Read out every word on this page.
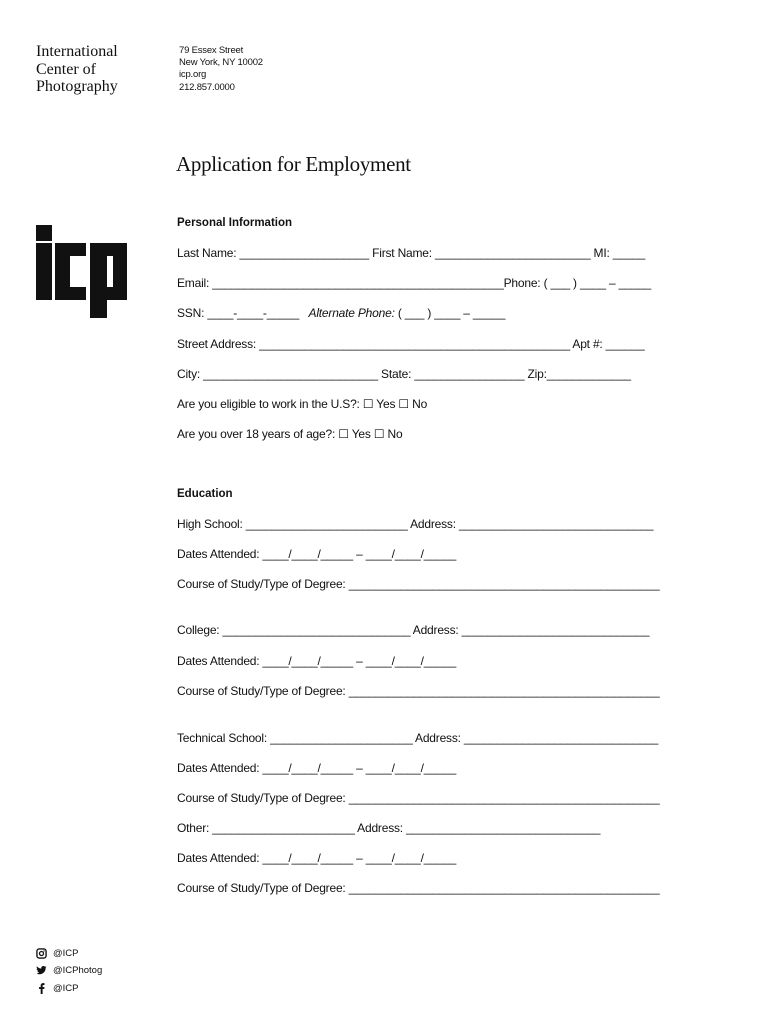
International
Center of
Photography
79 Essex Street
New York, NY 10002
icp.org
212.857.0000
Application for Employment
Personal Information
Last Name: ____________________ First Name: ________________________ MI: _____
Email: _____________________________________________Phone: ( ___ ) ____ – _____
SSN: ____-____-_____ Alternate Phone: ( ___ ) ____ – _____
Street Address: ________________________________________________ Apt #: ______
City: ___________________________ State: _________________ Zip:_____________
Are you eligible to work in the U.S?: ☐ Yes ☐ No
Are you over 18 years of age?: ☐ Yes ☐ No
Education
High School: _________________________ Address: ______________________________
Dates Attended: ____/____/_____ – ____/____/_____
Course of Study/Type of Degree: ________________________________________________
College: _____________________________ Address: _____________________________
Dates Attended: ____/____/_____ – ____/____/_____
Course of Study/Type of Degree: ________________________________________________
Technical School: ______________________ Address: ______________________________
Dates Attended: ____/____/_____ – ____/____/_____
Course of Study/Type of Degree: ________________________________________________
Other: ______________________ Address: ______________________________
Dates Attended: ____/____/_____ – ____/____/_____
Course of Study/Type of Degree: ________________________________________________
@ICP
@ICPhotog
@ICP
